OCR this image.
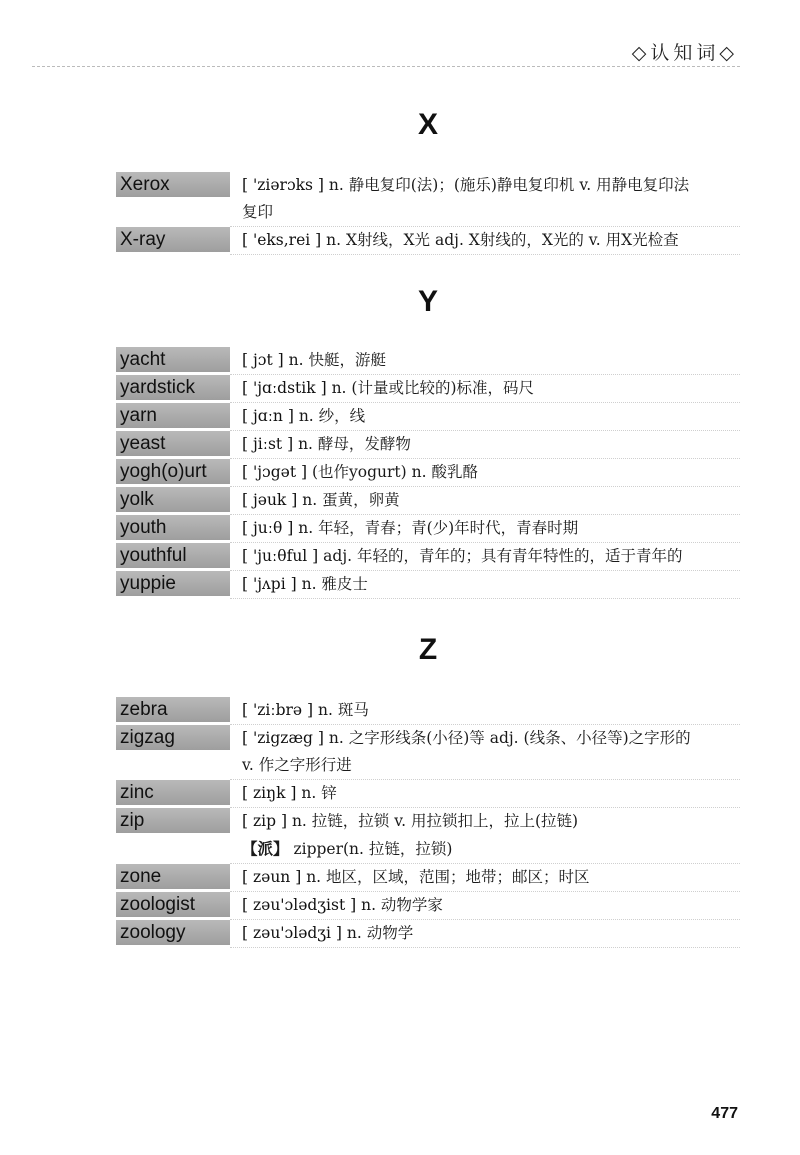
◇认知词◇
X
Xerox	[ 'ziərɔks ] n. 静电复印(法)；(施乐)静电复印机 v. 用静电复印法
复印
X-ray	[ 'eks,rei ] n. X射线，X光 adj. X射线的，X光的 v. 用X光检查
Y
yacht	[ jɔt ] n. 快艇，游艇
yardstick	[ 'jɑːdstik ] n. (计量或比较的)标准，码尺
yarn	[ jɑːn ] n. 纱，线
yeast	[ jiːst ] n. 酵母，发酵物
yogh(o)urt	[ 'jɔgət ] (也作yogurt) n. 酸乳酪
yolk	[ jəuk ] n. 蛋黄，卵黄
youth	[ juːθ ] n. 年轻，青春；青(少)年时代，青春时期
youthful	[ 'juːθful ] adj. 年轻的，青年的；具有青年特性的，适于青年的
yuppie	[ 'jʌpi ] n. 雅皮士
Z
zebra	[ 'ziːbrə ] n. 斑马
zigzag	[ 'zigzæg ] n. 之字形线条(小径)等 adj. (线条、小径等)之字形的
v. 作之字形行进
zinc	[ ziŋk ] n. 锌
zip	[ zip ] n. 拉链，拉锁 v. 用拉锁扣上，拉上(拉链)
【派】 zipper(n. 拉链，拉锁)
zone	[ zəun ] n. 地区，区域，范围；地带；邮区；时区
zoologist	[ zəu'ɔlədʒist ] n. 动物学家
zoology	[ zəu'ɔlədʒi ] n. 动物学
477
